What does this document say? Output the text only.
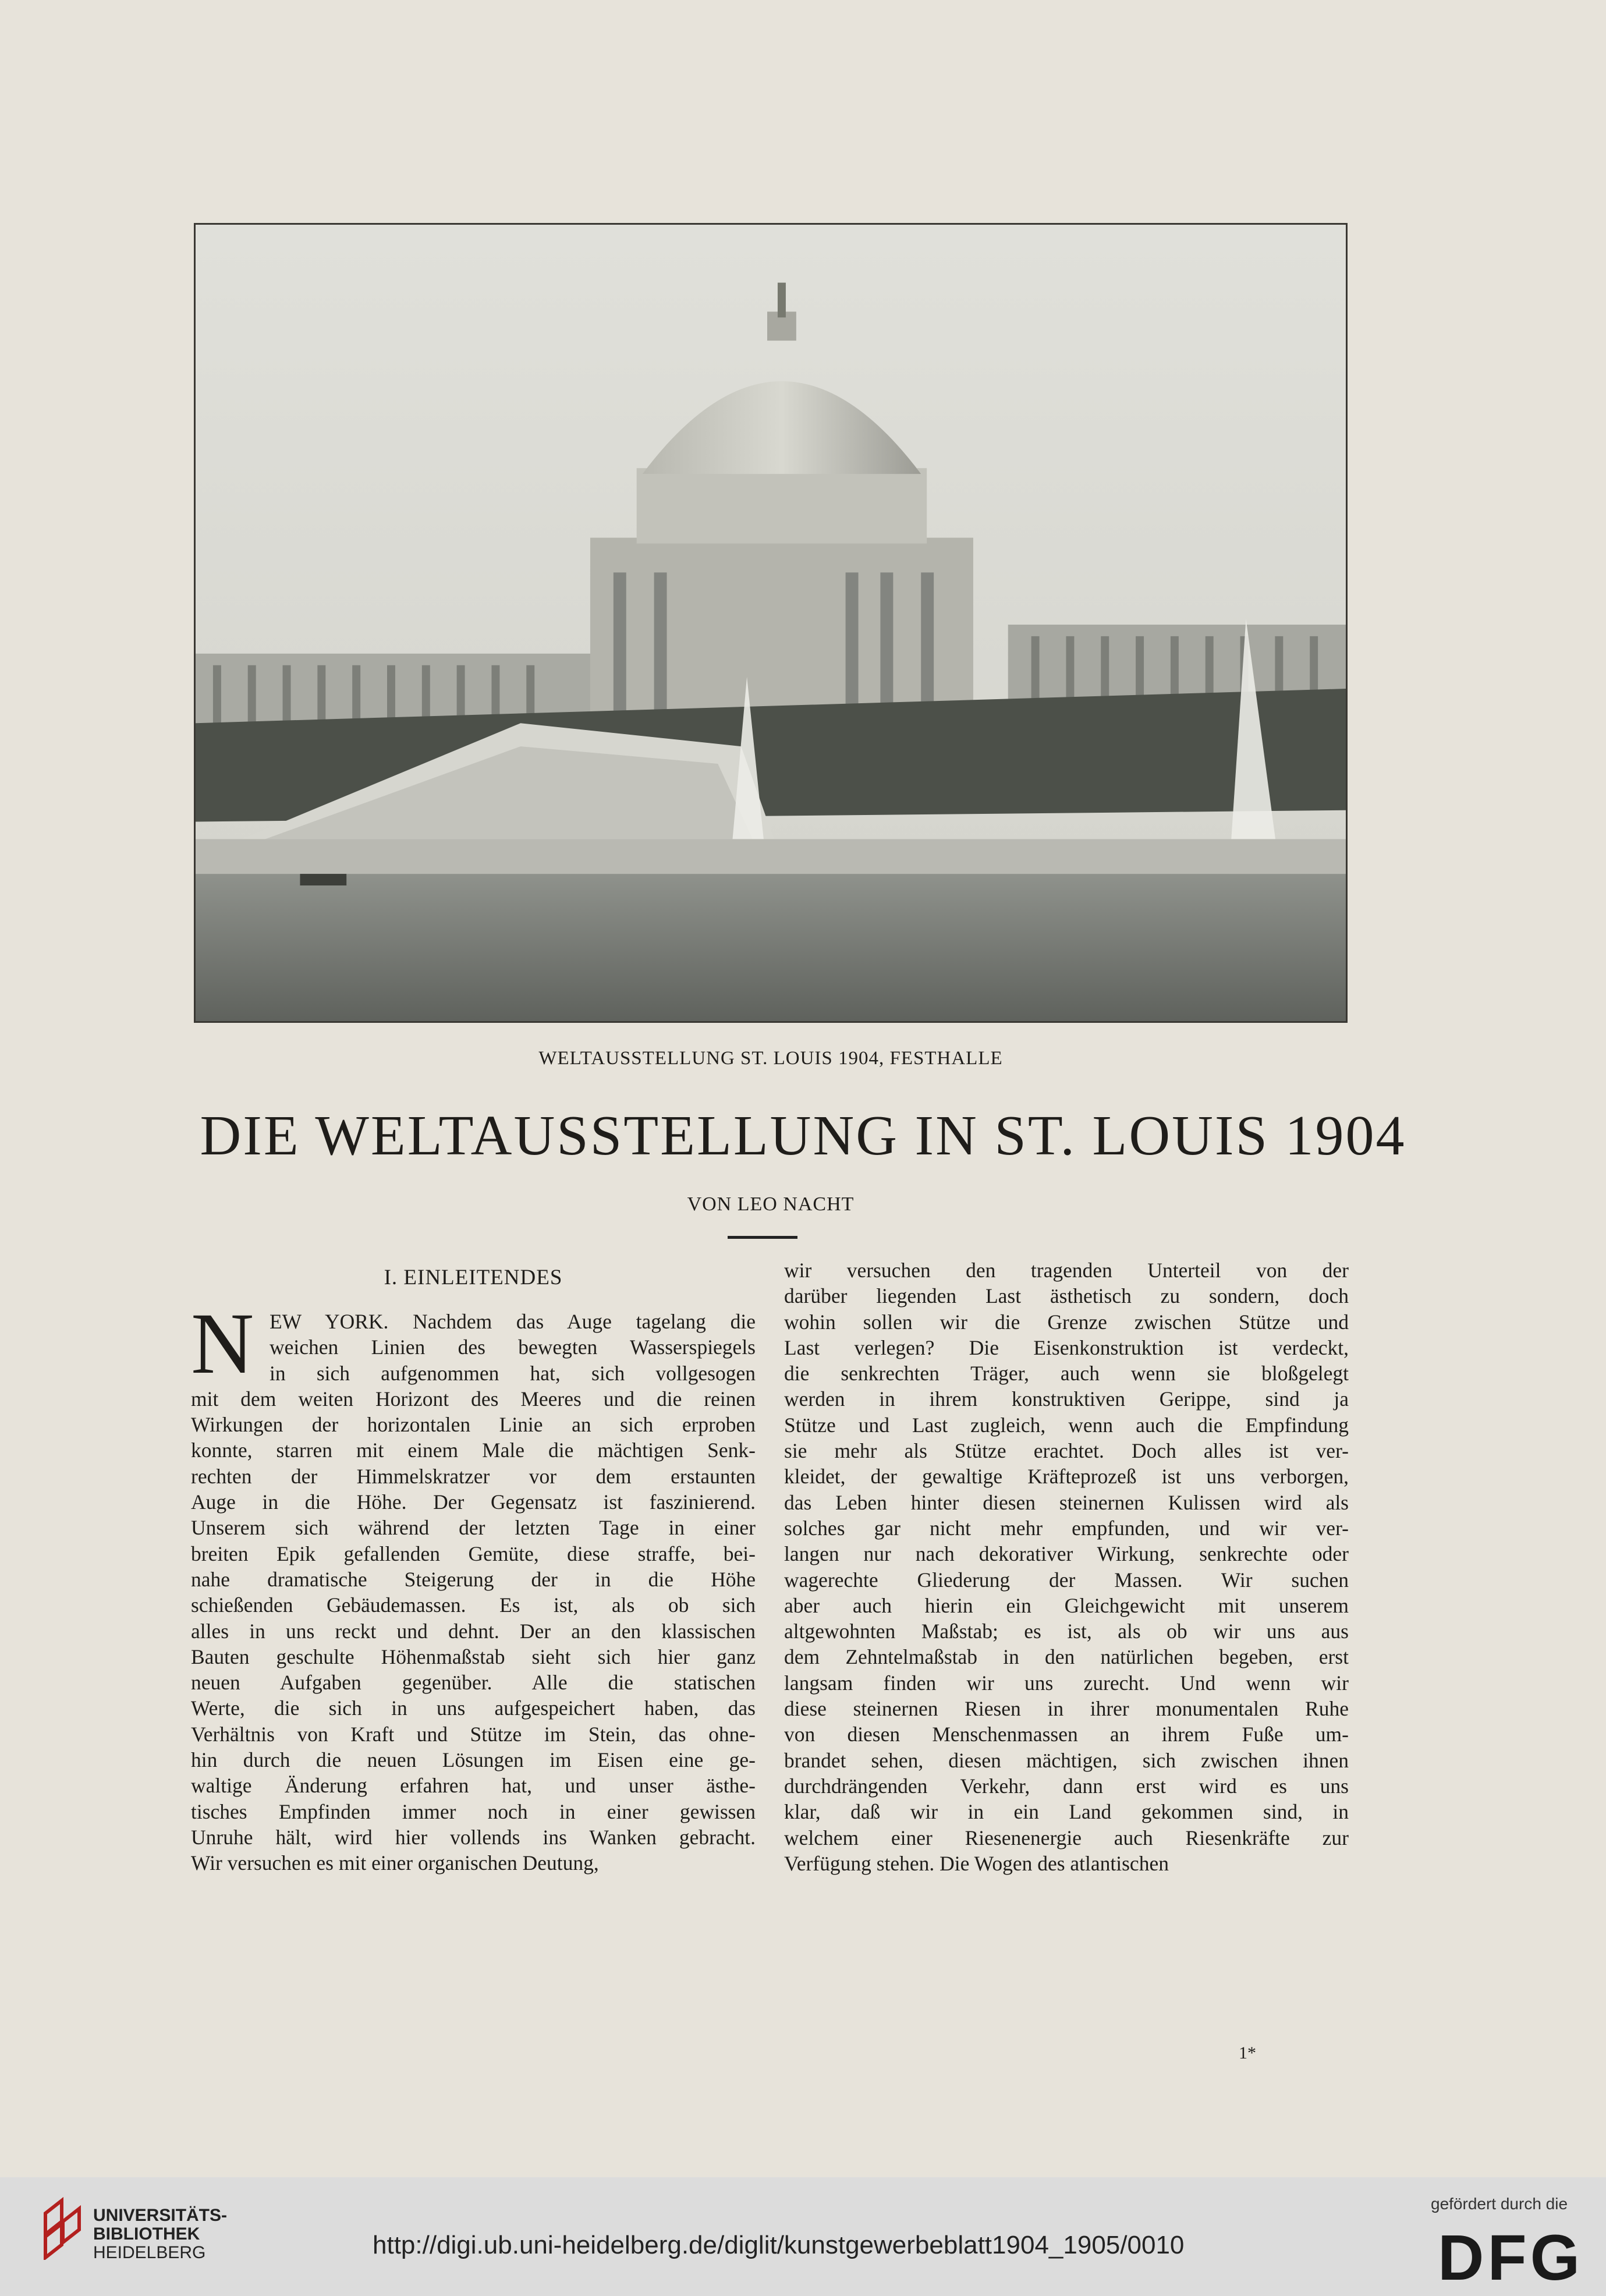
WELTAUSSTELLUNG ST. LOUIS 1904, FESTHALLE
DIE WELTAUSSTELLUNG IN ST. LOUIS 1904
VON LEO NACHT
I. EINLEITENDES
N EW YORK. Nachdem das Auge tagelang die
weichen Linien des bewegten Wasserspiegels
in sich aufgenommen hat, sich vollgesogen
mit dem weiten Horizont des Meeres und die reinen
Wirkungen der horizontalen Linie an sich erproben
konnte, starren mit einem Male die mächtigen Senk-
rechten der Himmelskratzer vor dem erstaunten
Auge in die Höhe. Der Gegensatz ist faszinierend.
Unserem sich während der letzten Tage in einer
breiten Epik gefallenden Gemüte, diese straffe, bei-
nahe dramatische Steigerung der in die Höhe
schießenden Gebäudemassen. Es ist, als ob sich
alles in uns reckt und dehnt. Der an den klassischen
Bauten geschulte Höhenmaßstab sieht sich hier ganz
neuen Aufgaben gegenüber. Alle die statischen
Werte, die sich in uns aufgespeichert haben, das
Verhältnis von Kraft und Stütze im Stein, das ohne-
hin durch die neuen Lösungen im Eisen eine ge-
waltige Änderung erfahren hat, und unser ästhe-
tisches Empfinden immer noch in einer gewissen
Unruhe hält, wird hier vollends ins Wanken gebracht.
Wir versuchen es mit einer organischen Deutung,
wir versuchen den tragenden Unterteil von der
darüber liegenden Last ästhetisch zu sondern, doch
wohin sollen wir die Grenze zwischen Stütze und
Last verlegen? Die Eisenkonstruktion ist verdeckt,
die senkrechten Träger, auch wenn sie bloßgelegt
werden in ihrem konstruktiven Gerippe, sind ja
Stütze und Last zugleich, wenn auch die Empfindung
sie mehr als Stütze erachtet. Doch alles ist ver-
kleidet, der gewaltige Kräfteprozeß ist uns verborgen,
das Leben hinter diesen steinernen Kulissen wird als
solches gar nicht mehr empfunden, und wir ver-
langen nur nach dekorativer Wirkung, senkrechte oder
wagerechte Gliederung der Massen. Wir suchen
aber auch hierin ein Gleichgewicht mit unserem
altgewohnten Maßstab; es ist, als ob wir uns aus
dem Zehntelmaßstab in den natürlichen begeben, erst
langsam finden wir uns zurecht. Und wenn wir
diese steinernen Riesen in ihrer monumentalen Ruhe
von diesen Menschenmassen an ihrem Fuße um-
brandet sehen, diesen mächtigen, sich zwischen ihnen
durchdrängenden Verkehr, dann erst wird es uns
klar, daß wir in ein Land gekommen sind, in
welchem einer Riesenenergie auch Riesenkräfte zur
Verfügung stehen. Die Wogen des atlantischen
1*
UNIVERSITÄTS-
BIBLIOTHEK
HEIDELBERG	http://digi.ub.uni-heidelberg.de/diglit/kunstgewerbeblatt1904_1905/0010
gefördert durch die
DFG
